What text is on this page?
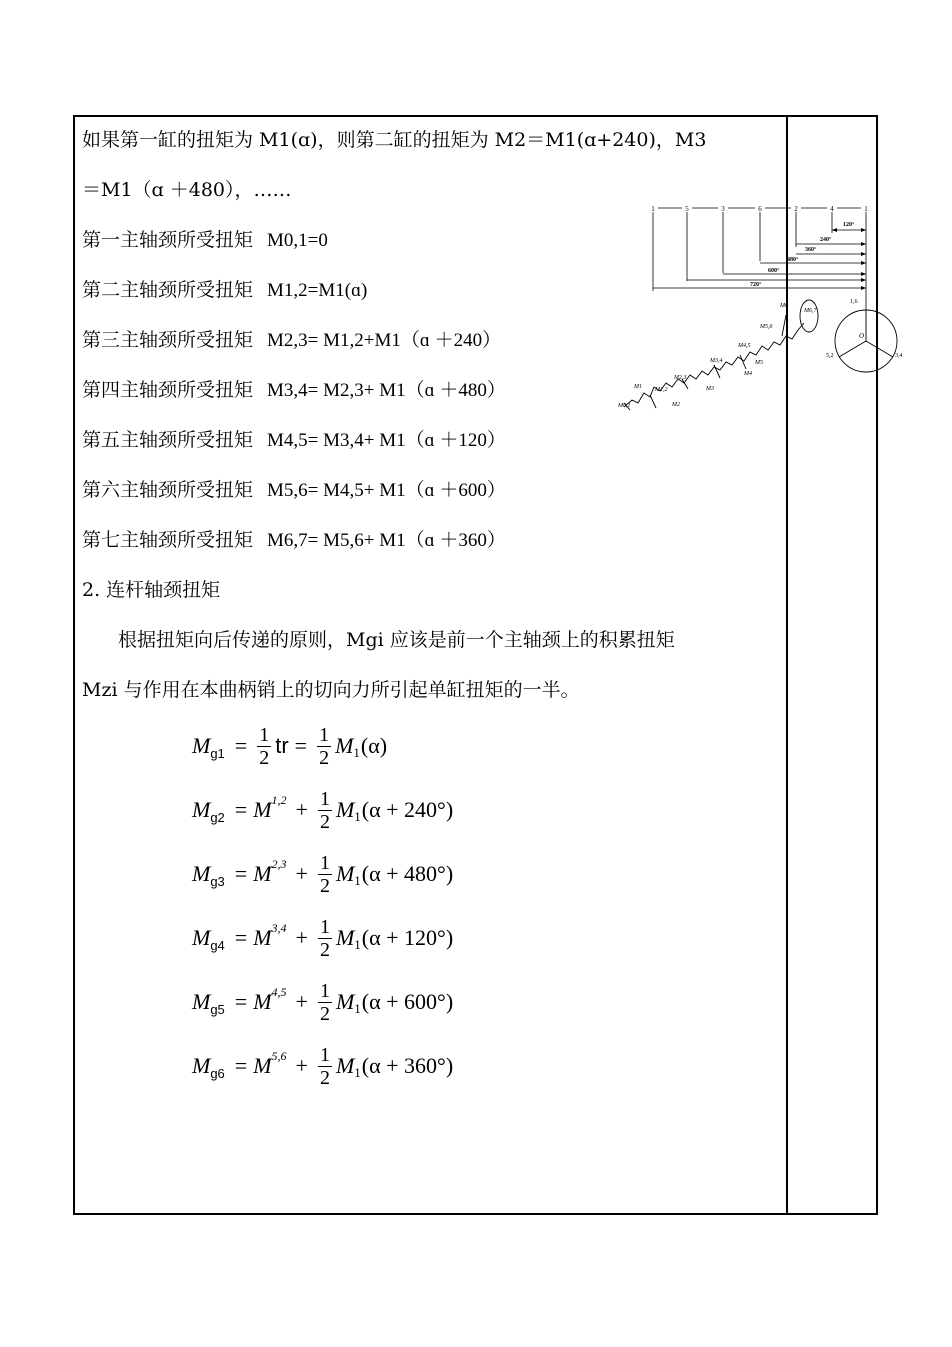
如果第一缸的扭矩为 M1(ɑ)，则第二缸的扭矩为 M2＝M1(ɑ+240)，M3
＝M1（ɑ ＋480），……
第一主轴颈所受扭矩 M0,1=0
第二主轴颈所受扭矩 M1,2=M1(ɑ)
第三主轴颈所受扭矩 M2,3= M1,2+M1（ɑ ＋240）
第四主轴颈所受扭矩 M3,4= M2,3+ M1（ɑ ＋480）
第五主轴颈所受扭矩 M4,5= M3,4+ M1（ɑ ＋120）
第六主轴颈所受扭矩 M5,6= M4,5+ M1（ɑ ＋600）
第七主轴颈所受扭矩 M6,7= M5,6+ M1（ɑ ＋360）
2. 连杆轴颈扭矩
根据扭矩向后传递的原则，Mgi 应该是前一个主轴颈上的积累扭矩
Mzi 与作用在本曲柄销上的切向力所引起单缸扭矩的一半。
M $g1 = \frac{1}{2}$ tr = $\frac{1}{2}$ M 1 (α)
M g2 = M $1,2 + \frac{1}{2}$ M 1 (α + 240°)
M g3 = M $2,3 + \frac{1}{2}$ M 1 (α + 480°)
M g4 = M $3,4 + \frac{1}{2}$ M 1 (α + 120°)
M g5 = M $4,5 + \frac{1}{2}$ M 1 (α + 600°)
M g6 = M $5,6 + \frac{1}{2}$ M 1 (α + 360°)
1	5	3	6	2	4	1
120°
240°
360°
480°
600°
720°
M0,1
M1 M1,2
M2
M2,3
M3
M3,4
M4
M4,5
M5
M5,6
M6
M6,7
1,6
5,2	3,4
O
